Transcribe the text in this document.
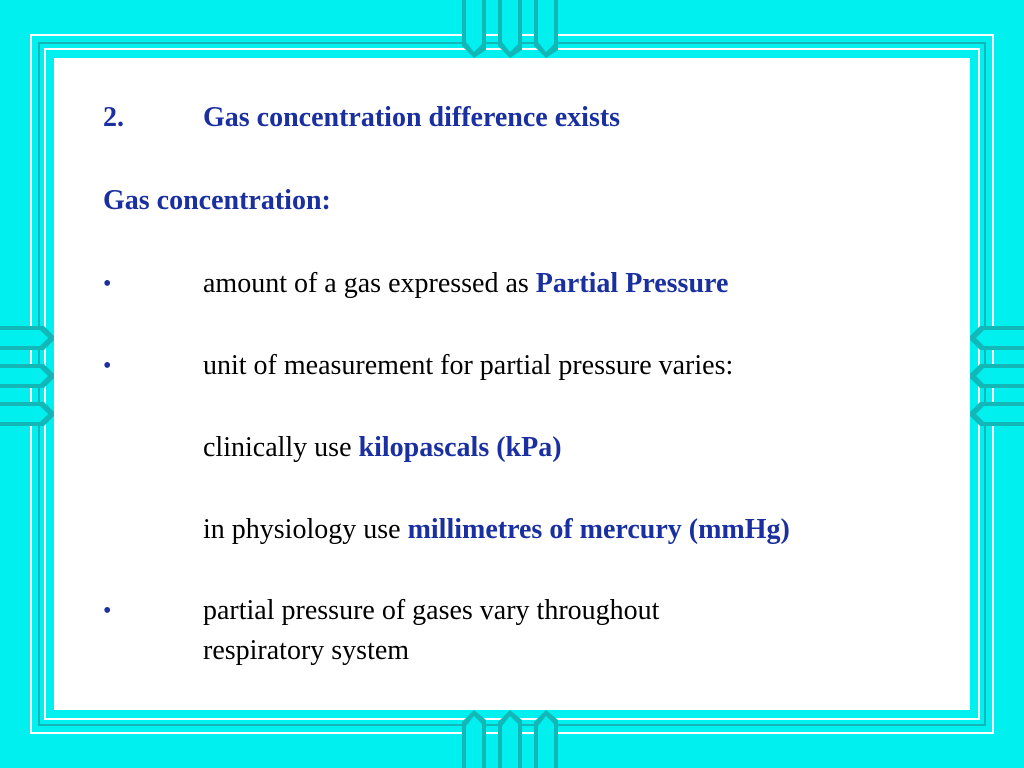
2.	Gas concentration difference exists
Gas concentration:
•	amount of a gas expressed as Partial Pressure
•	unit of measurement for partial pressure varies:
clinically use kilopascals (kPa)
in physiology use millimetres of mercury (mmHg)
•	partial pressure of gases vary throughout
respiratory system
